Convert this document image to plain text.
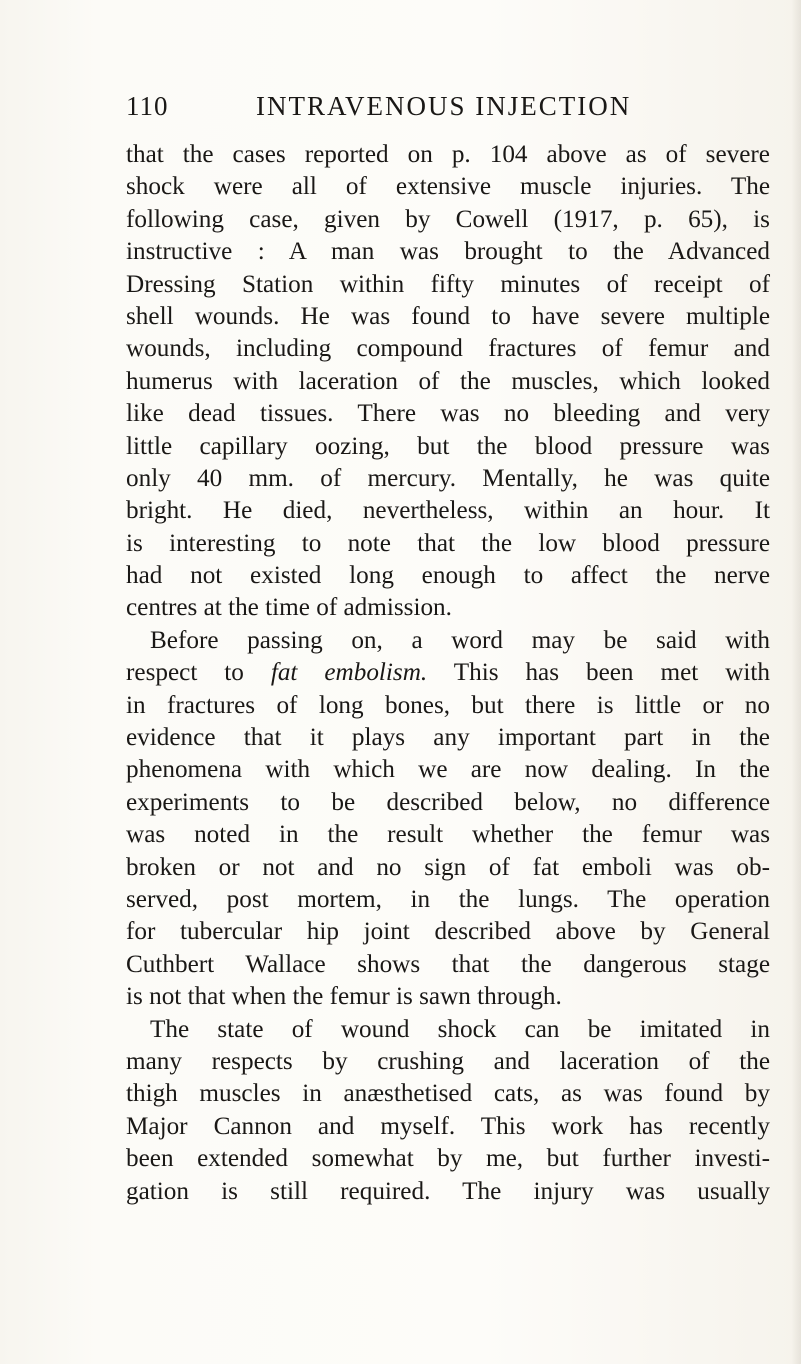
110	INTRAVENOUS INJECTION
that the cases reported on p. 104 above as of severe
shock were all of extensive muscle injuries. The
following case, given by Cowell (1917, p. 65), is
instructive : A man was brought to the Advanced
Dressing Station within fifty minutes of receipt of
shell wounds. He was found to have severe multiple
wounds, including compound fractures of femur and
humerus with laceration of the muscles, which looked
like dead tissues. There was no bleeding and very
little capillary oozing, but the blood pressure was
only 40 mm. of mercury. Mentally, he was quite
bright. He died, nevertheless, within an hour. It
is interesting to note that the low blood pressure
had not existed long enough to affect the nerve
centres at the time of admission.
Before passing on, a word may be said with
respect to fat embolism. This has been met with
in fractures of long bones, but there is little or no
evidence that it plays any important part in the
phenomena with which we are now dealing. In the
experiments to be described below, no difference
was noted in the result whether the femur was
broken or not and no sign of fat emboli was ob-
served, post mortem, in the lungs. The operation
for tubercular hip joint described above by General
Cuthbert Wallace shows that the dangerous stage
is not that when the femur is sawn through.
The state of wound shock can be imitated in
many respects by crushing and laceration of the
thigh muscles in anæsthetised cats, as was found by
Major Cannon and myself. This work has recently
been extended somewhat by me, but further investi-
gation is still required. The injury was usually
